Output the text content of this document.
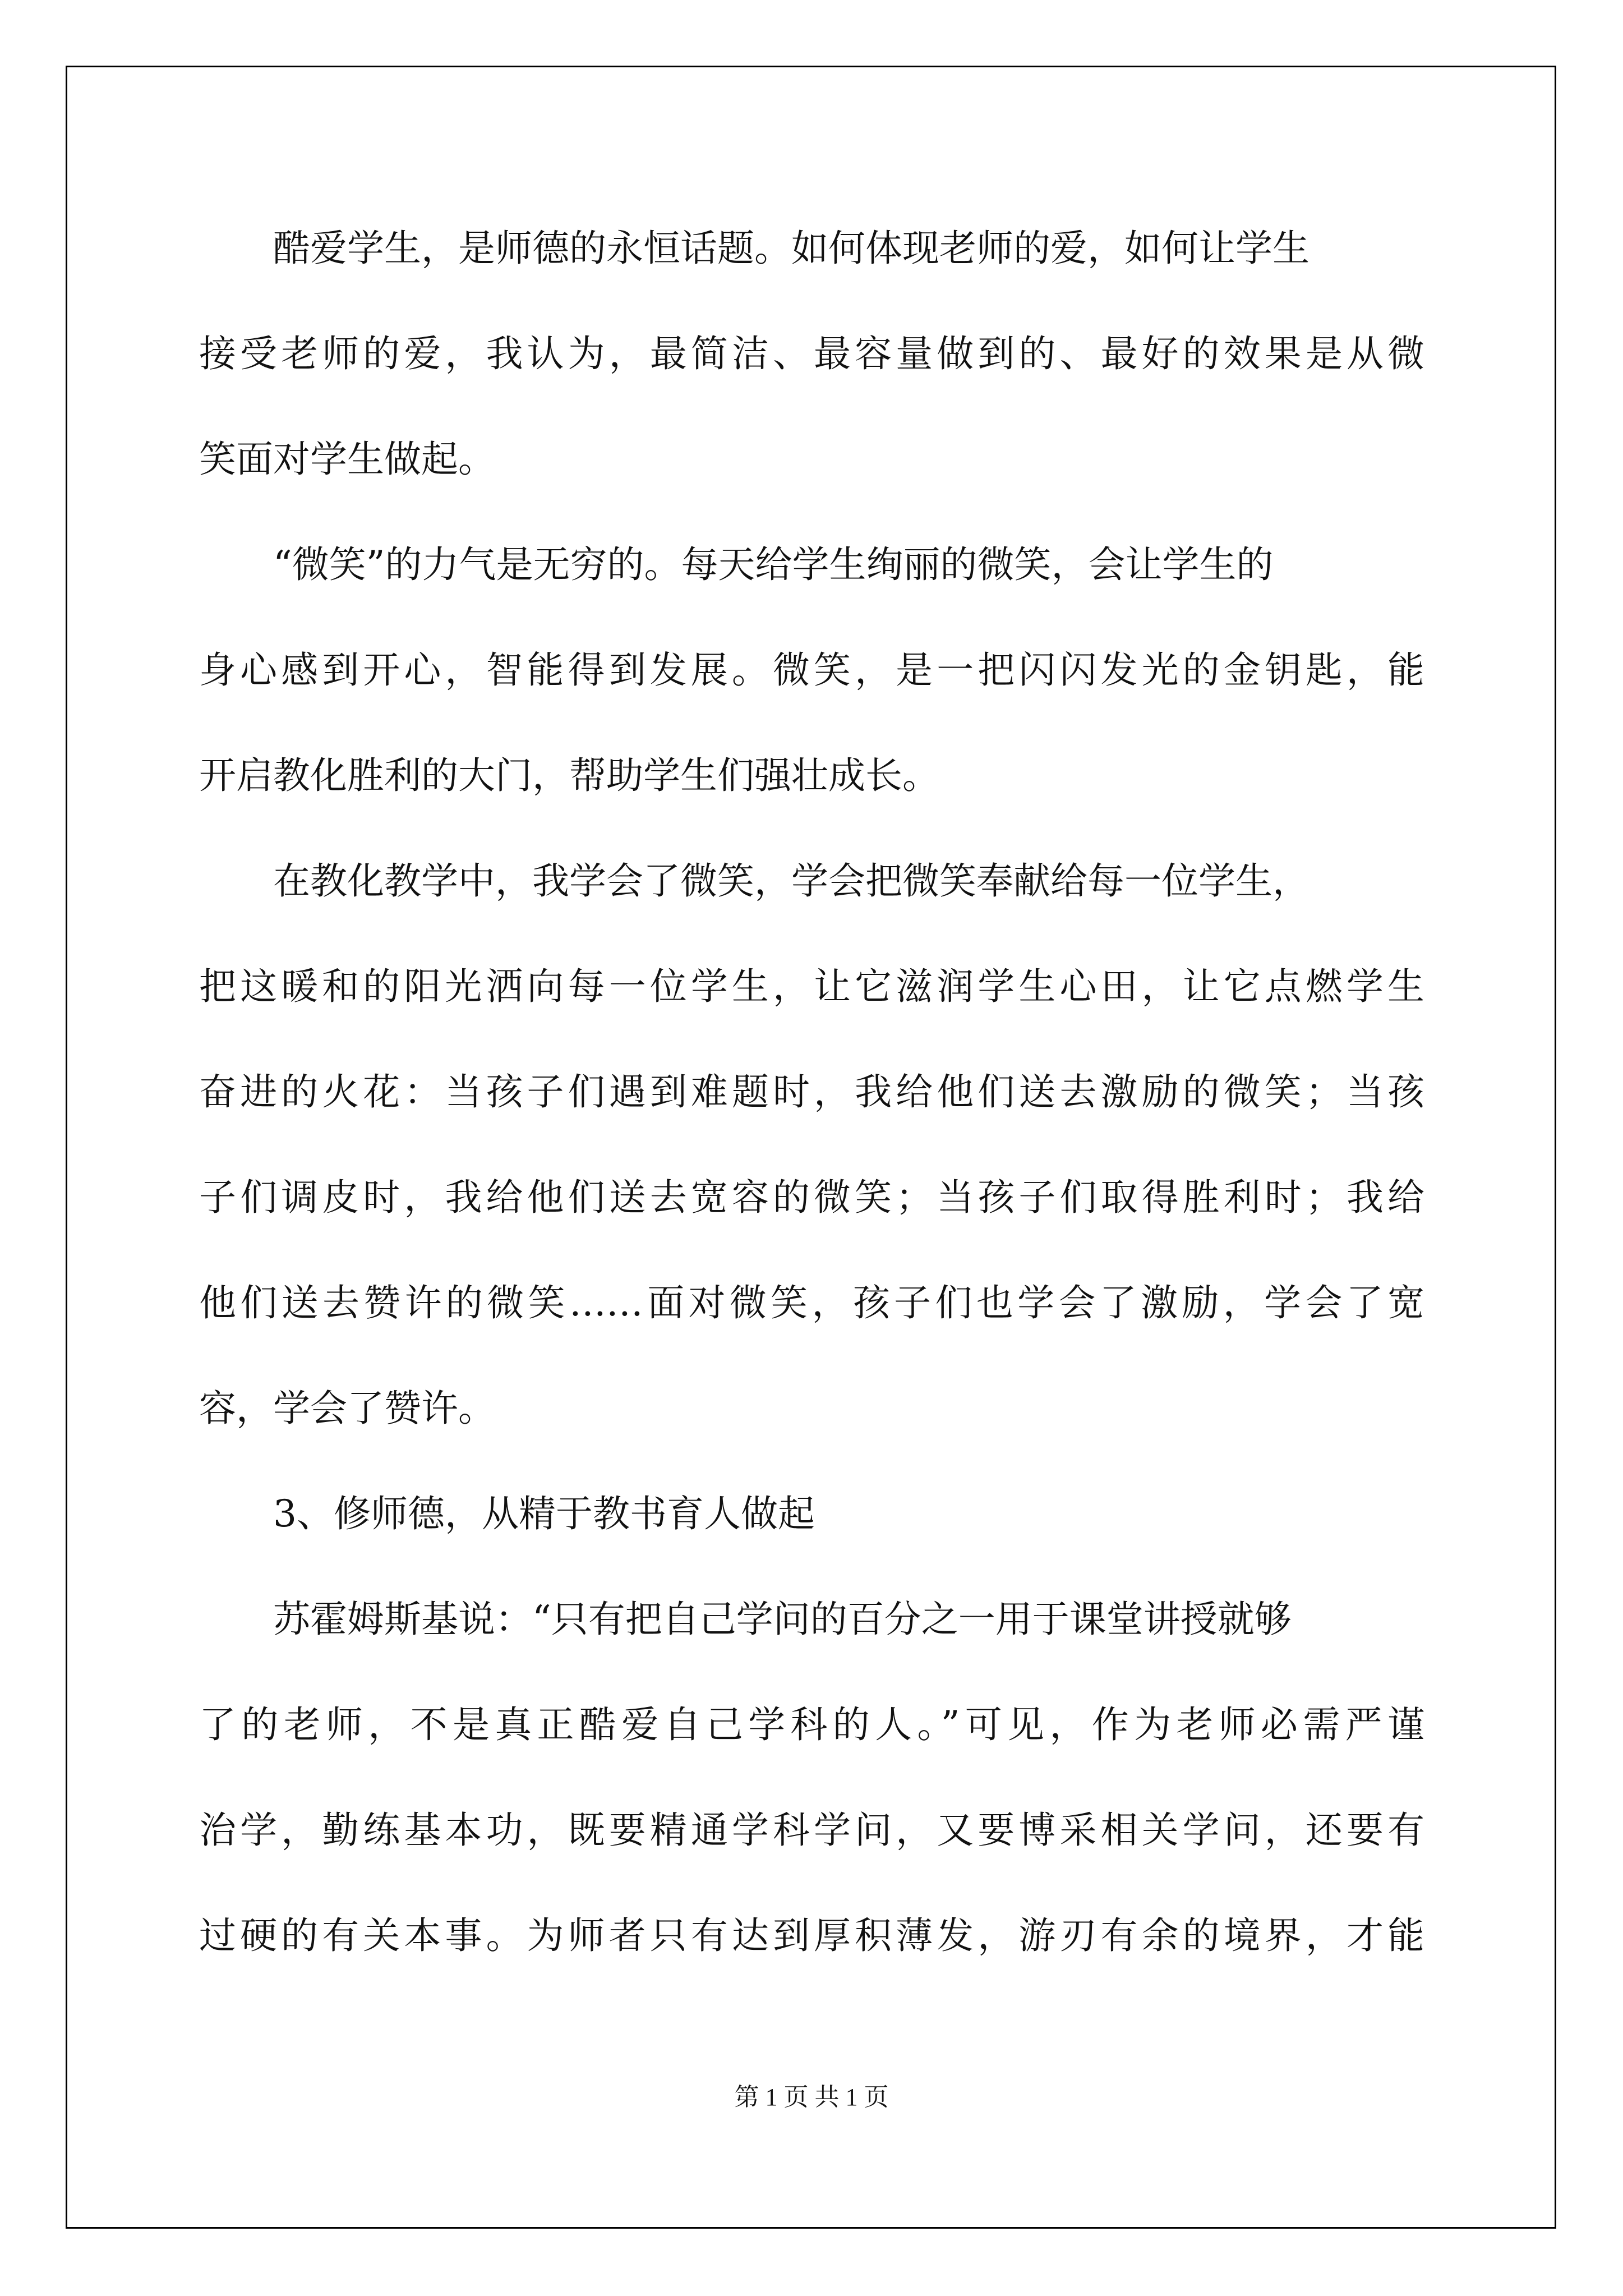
酷爱学生，是师德的永恒话题。如何体现老师的爱，如何让学生
接受老师的爱，我认为，最简洁、最容量做到的、最好的效果是从微
笑面对学生做起。
“微笑”的力气是无穷的。每天给学生绚丽的微笑，会让学生的
身心感到开心，智能得到发展。微笑，是一把闪闪发光的金钥匙，能
开启教化胜利的大门，帮助学生们强壮成长。
在教化教学中，我学会了微笑，学会把微笑奉献给每一位学生，
把这暖和的阳光洒向每一位学生，让它滋润学生心田，让它点燃学生
奋进的火花：当孩子们遇到难题时，我给他们送去激励的微笑；当孩
子们调皮时，我给他们送去宽容的微笑；当孩子们取得胜利时；我给
他们送去赞许的微笑……面对微笑，孩子们也学会了激励，学会了宽
容，学会了赞许。
3、修师德，从精于教书育人做起
苏霍姆斯基说：“只有把自己学问的百分之一用于课堂讲授就够
了的老师，不是真正酷爱自己学科的人。”可见，作为老师必需严谨
治学，勤练基本功，既要精通学科学问，又要博采相关学问，还要有
过硬的有关本事。为师者只有达到厚积薄发，游刃有余的境界，才能
第 1 页 共 1 页
